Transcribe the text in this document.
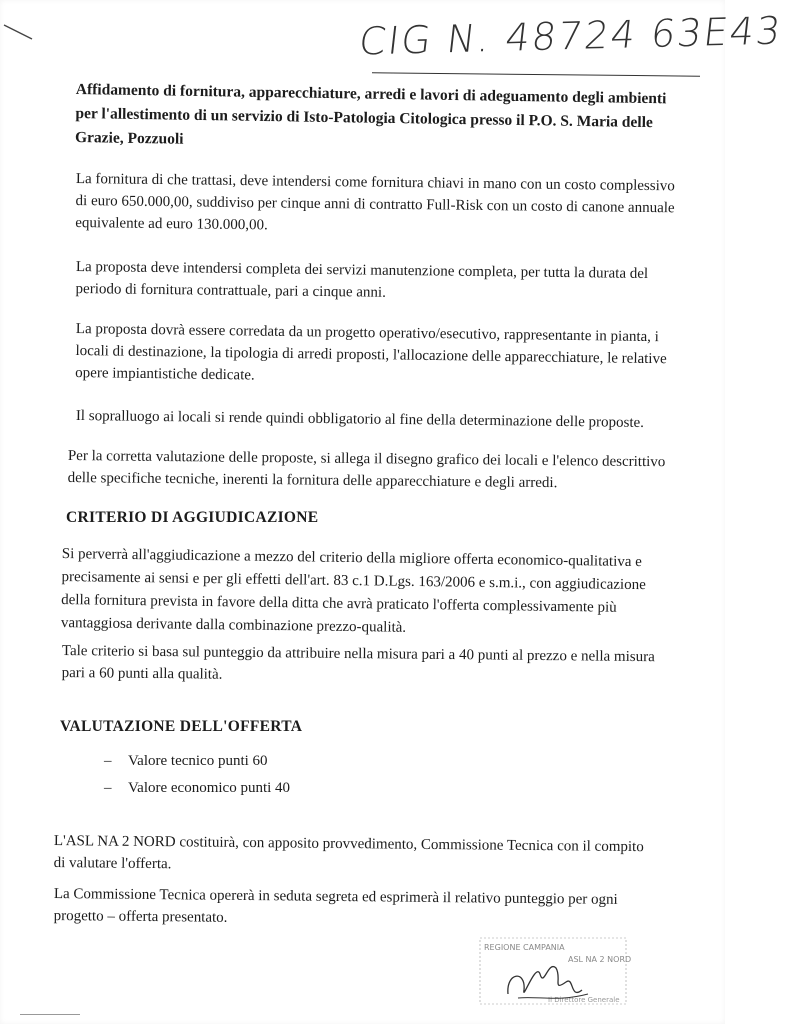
CIG N. 48724 63E43
Affidamento di fornitura, apparecchiature, arredi e lavori di adeguamento degli ambienti per l'allestimento di un servizio di Isto-Patologia Citologica presso il P.O. S. Maria delle Grazie, Pozzuoli
La fornitura di che trattasi, deve intendersi come fornitura chiavi in mano con un costo complessivo di euro 650.000,00, suddiviso per cinque anni di contratto Full-Risk con un costo di canone annuale equivalente ad euro 130.000,00.
La proposta deve intendersi completa dei servizi manutenzione completa, per tutta la durata del periodo di fornitura contrattuale, pari a cinque anni.
La proposta dovrà essere corredata da un progetto operativo/esecutivo, rappresentante in pianta, i locali di destinazione, la tipologia di arredi proposti, l'allocazione delle apparecchiature, le relative opere impiantistiche dedicate.
Il sopralluogo ai locali si rende quindi obbligatorio al fine della determinazione delle proposte.
Per la corretta valutazione delle proposte, si allega il disegno grafico dei locali e l'elenco descrittivo delle specifiche tecniche, inerenti la fornitura delle apparecchiature e degli arredi.
CRITERIO DI AGGIUDICAZIONE
Si perverrà all'aggiudicazione a mezzo del criterio della migliore offerta economico-qualitativa e precisamente ai sensi e per gli effetti dell'art. 83 c.1 D.Lgs. 163/2006 e s.m.i., con aggiudicazione della fornitura prevista in favore della ditta che avrà praticato l'offerta complessivamente più vantaggiosa derivante dalla combinazione prezzo-qualità.
Tale criterio si basa sul punteggio da attribuire nella misura pari a 40 punti al prezzo e nella misura pari a 60 punti alla qualità.
VALUTAZIONE DELL'OFFERTA
–	Valore tecnico punti 60
–	Valore economico punti 40
L'ASL NA 2 NORD costituirà, con apposito provvedimento, Commissione Tecnica con il compito di valutare l'offerta.
La Commissione Tecnica opererà in seduta segreta ed esprimerà il relativo punteggio per ogni progetto – offerta presentato.
REGIONE CAMPANIA
ASL NA 2 NORD
Il Direttore Generale
